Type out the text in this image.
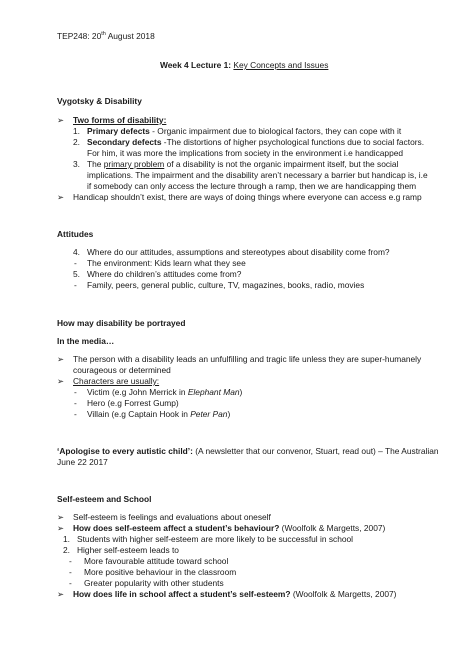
TEP248: 20th August 2018
Week 4 Lecture 1: Key Concepts and Issues
Vygotsky & Disability
➢ Two forms of disability:
1. Primary defects - Organic impairment due to biological factors, they can cope with it
2. Secondary defects -The distortions of higher psychological functions due to social factors.
For him, it was more the implications from society in the environment i.e handicapped
3. The primary problem of a disability is not the organic impairment itself, but the social
implications. The impairment and the disability aren’t necessary a barrier but handicap is, i.e
if somebody can only access the lecture through a ramp, then we are handicapping them
➢ Handicap shouldn’t exist, there are ways of doing things where everyone can access e.g ramp
Attitudes
4. Where do our attitudes, assumptions and stereotypes about disability come from?
- The environment: Kids learn what they see
5. Where do children’s attitudes come from?
- Family, peers, general public, culture, TV, magazines, books, radio, movies
How may disability be portrayed
In the media…
➢ The person with a disability leads an unfulfilling and tragic life unless they are super-humanely
courageous or determined
➢ Characters are usually:
- Victim (e.g John Merrick in Elephant Man)
- Hero (e.g Forrest Gump)
- Villain (e.g Captain Hook in Peter Pan)
‘Apologise to every autistic child’: (A newsletter that our convenor, Stuart, read out) – The Australian
June 22 2017
Self-esteem and School
➢ Self-esteem is feelings and evaluations about oneself
➢ How does self-esteem affect a student’s behaviour? (Woolfolk & Margetts, 2007)
1. Students with higher self-esteem are more likely to be successful in school
2. Higher self-esteem leads to
- More favourable attitude toward school
- More positive behaviour in the classroom
- Greater popularity with other students
➢ How does life in school affect a student’s self-esteem? (Woolfolk & Margetts, 2007)
